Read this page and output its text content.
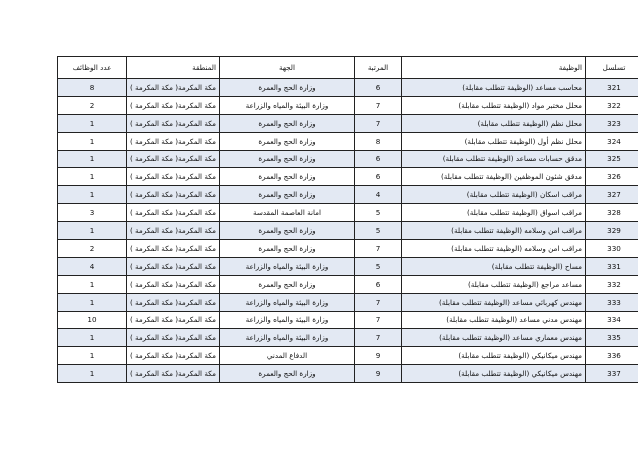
تسلسل	الوظيفة	المرتبة	الجهة	المنطقة	عدد الوظائف
321	محاسب مساعد (الوظيفة تتطلب مقابلة)	6	وزارة الحج والعمرة	مكة المكرمة( مكة المكرمة )	8
322	محلل مختبر مواد (الوظيفة تتطلب مقابلة)	7	وزارة البيئة والمياه والزراعة	مكة المكرمة( مكة المكرمة )	2
323	محلل نظم (الوظيفة تتطلب مقابلة)	7	وزارة الحج والعمرة	مكة المكرمة( مكة المكرمة )	1
324	محلل نظم أول (الوظيفة تتطلب مقابلة)	8	وزارة الحج والعمرة	مكة المكرمة( مكة المكرمة )	1
325	مدقق حسابات مساعد (الوظيفة تتطلب مقابلة)	6	وزارة الحج والعمرة	مكة المكرمة( مكة المكرمة )	1
326	مدقق شئون الموظفين (الوظيفة تتطلب مقابلة)	6	وزارة الحج والعمرة	مكة المكرمة( مكة المكرمة )	1
327	مراقب اسكان (الوظيفة تتطلب مقابلة)	4	وزارة الحج والعمرة	مكة المكرمة( مكة المكرمة )	1
328	مراقب اسواق (الوظيفة تتطلب مقابلة)	5	امانة العاصمة المقدسة	مكة المكرمة( مكة المكرمة )	3
329	مراقب امن وسلامه (الوظيفة تتطلب مقابلة)	5	وزارة الحج والعمرة	مكة المكرمة( مكة المكرمة )	1
330	مراقب امن وسلامه (الوظيفة تتطلب مقابلة)	7	وزارة الحج والعمرة	مكة المكرمة( مكة المكرمة )	2
331	مساح (الوظيفة تتطلب مقابلة)	5	وزارة البيئة والمياه والزراعة	مكة المكرمة( مكة المكرمة )	4
332	مساعد مراجع (الوظيفة تتطلب مقابلة)	6	وزارة الحج والعمرة	مكة المكرمة( مكة المكرمة )	1
333	مهندس كهربائي مساعد (الوظيفة تتطلب مقابلة)	7	وزارة البيئة والمياه والزراعة	مكة المكرمة( مكة المكرمة )	1
334	مهندس مدني مساعد (الوظيفة تتطلب مقابلة)	7	وزارة البيئة والمياه والزراعة	مكة المكرمة( مكة المكرمة )	10
335	مهندس معماري مساعد (الوظيفة تتطلب مقابلة)	7	وزارة البيئة والمياه والزراعة	مكة المكرمة( مكة المكرمة )	1
336	مهندس ميكانيكي (الوظيفة تتطلب مقابلة)	9	الدفاع المدني	مكة المكرمة( مكة المكرمة )	1
337	مهندس ميكانيكي (الوظيفة تتطلب مقابلة)	9	وزارة الحج والعمرة	مكة المكرمة( مكة المكرمة )	1
